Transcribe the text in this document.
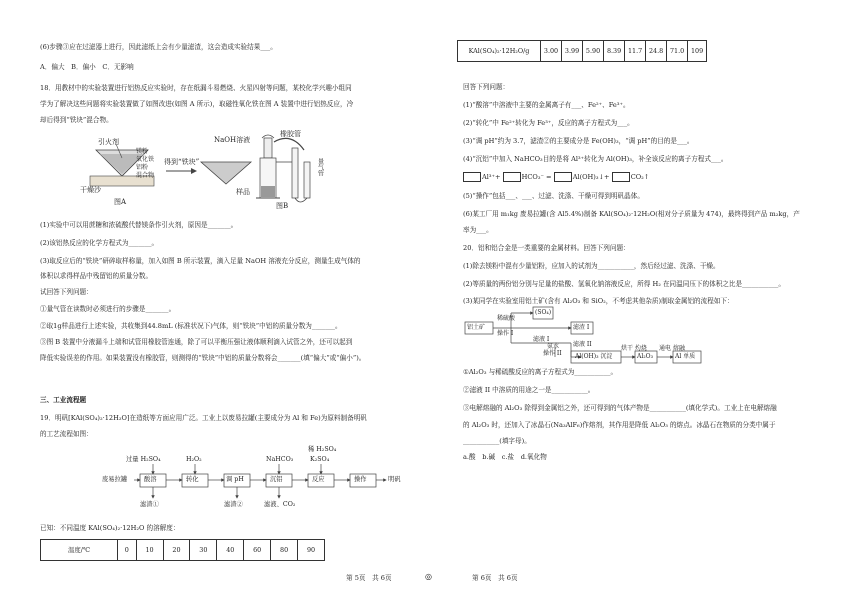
(6)步骤③应在过滤器上进行，因此滤纸上会有少量滤渣，这会造成实验结果___。
A．偏大　B．偏小　C．无影响
18．用教材中的实验装置进行铝热反应实验时，存在纸漏斗易燃烧、火星四射等问题，某校化学兴趣小组同
学为了解决这些问题将实验装置做了如图改进(如图 A 所示)，取磁性氧化铁在图 A 装置中进行铝热反应，冷
却后得到“铁块”混合物。
引火剂
干燥沙
镁粉
氧化铁
铝粉
混合物
得到“铁块”
图A
NaOH溶液
橡胶管
量气管
样品
图B
(1)实验中可以用蔗糖和浓硫酸代替镁条作引火剂，原因是_______。
(2)该铝热反应的化学方程式为_______。
(3)取反应后的“铁块”研碎取样称量，加入如图 B 所示装置，滴入足量 NaOH 溶液充分反应，测量生成气体的
体积以求得样品中残留铝的质量分数。
试回答下列问题：
①量气管在读数时必须进行的步骤是_______。
②取1g样品进行上述实验，共收集到44.8mL (标准状况下)气体，则“铁块”中铝的质量分数为_______。
③图 B 装置中分液漏斗上端和试管用橡胶管连通，除了可以平衡压强让液体顺利滴入试管之外，还可以起到
降低实验误差的作用。如果装置没有橡胶管，则测得的“铁块”中铝的质量分数将会_______(填“偏大”或“偏小”)。
三、工业流程题
19．明矾[KAl(SO₄)₂·12H₂O]在造纸等方面应用广泛。工业上以废易拉罐(主要成分为 Al 和 Fe)为原料制备明矾
的工艺流程如图：
过量 H₂SO₄	H₂O₂	NaHCO₃
稀 H₂SO₄
K₂SO₄
废易拉罐	酸溶	转化	调 pH	沉铝	反应	操作	明矾
滤渣①	滤渣②	滤液、CO₂
已知：不同温度 KAl(SO₄)₂·12H₂O 的溶解度：
温度/℃	0	10	20	30	40	60	80	90
KAl(SO₄)₂·12H₂O/g	3.00	3.99	5.90	8.39	11.7	24.8	71.0	109
回答下列问题：
(1)“酸溶”中溶液中主要的金属离子有___、Fe²⁺、Fe³⁺。
(2)“转化”中 Fe²⁺转化为 Fe³⁺，反应的离子方程式为___。
(3)“调 pH”约为 3.7，滤渣②的主要成分是 Fe(OH)₃，“调 pH”的目的是___。
(4)“沉铝”中加入 NaHCO₃目的是将 Al³⁺转化为 Al(OH)₃，补全该反应的离子方程式___。
Al³⁺+	HCO₃⁻ =	Al(OH)₃↓+	CO₂↑
(5)“操作”包括___、___、过滤、洗涤、干燥可得到明矾晶体。
(6)某工厂用 m₁kg 废易拉罐(含 Al5.4%)制备 KAl(SO₄)₂·12H₂O(相对分子质量为 474)，最终得到产品 m₂kg，产
率为___。
20．铝和铝合金是一类重要的金属材料。回答下列问题：
(1)除去镁粉中混有少量铝粉，应加入的试剂为___________，然后经过滤、洗涤、干燥。
(2)等质量的两份铝分别与足量的盐酸、氢氧化钠溶液反应，所得 H₂ 在同温同压下的体积之比是___________。
(3)某同学在实验室用铝土矿(含有 Al₂O₃ 和 SiO₂，不考虑其他杂质)制取金属铝的流程如下：
铝土矿
稀硫酸
操作 I
(SO₄)
滤渣 I
滤液 I
氨水
操作 II
滤液 II
Al(OH)₃ 沉淀
烘干 灼烧
Al₂O₃
通电 熔融
Al 单质
①Al₂O₃ 与稀硫酸反应的离子方程式为___________。
②滤液 II 中溶质的用途之一是___________。
③电解熔融的 Al₂O₃ 除得到金属铝之外，还可得到的气体产物是___________(填化学式)。工业上在电解熔融
的 Al₂O₃ 时，还加入了冰晶石(Na₃AlF₆)作熔剂，其作用是降低 Al₂O₃ 的熔点。冰晶石在物质的分类中属于
___________(填字母)。
a.酸　b.碱　c.盐　d.氧化物
第 5页　共 6页	◎	第 6页　共 6页
